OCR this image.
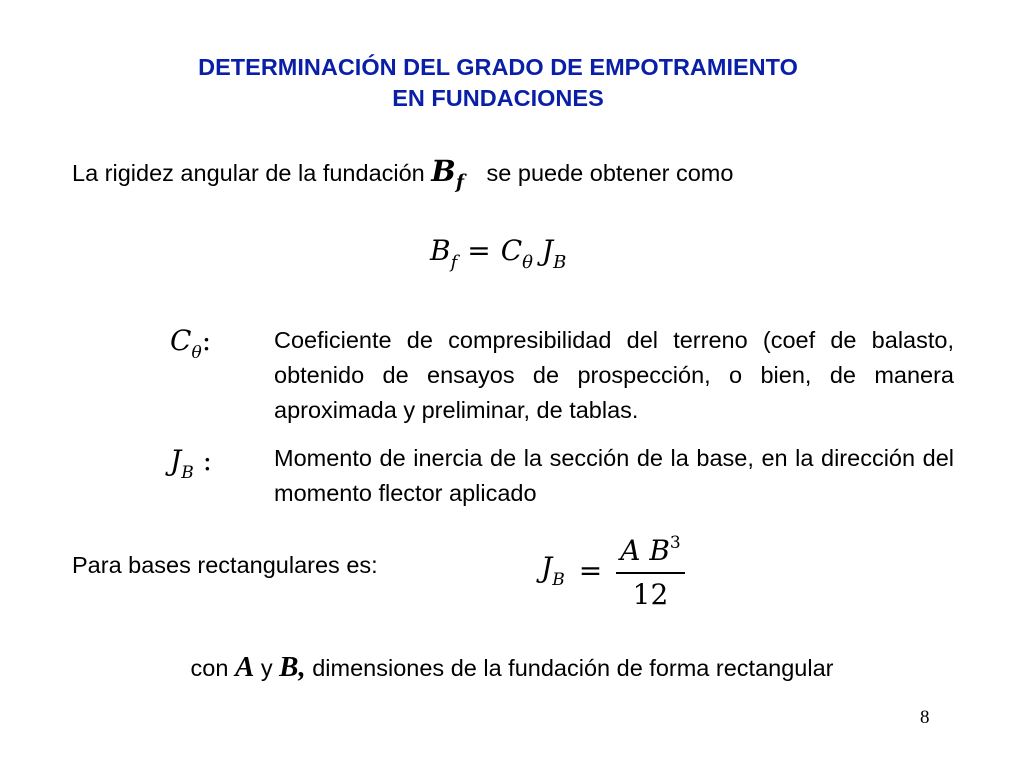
DETERMINACIÓN DEL GRADO DE EMPOTRAMIENTO
EN FUNDACIONES
La rigidez angular de la fundación $B_f$ se puede obtener como
$B_f = C_\theta$ $J_B$
$C_\theta$:	Coeficiente de compresibilidad del terreno (coef de balasto, obtenido de ensayos de prospección, o bien, de manera aproximada y preliminar, de tablas.
$J_B$ :	Momento de inercia de la sección de la base, en la dirección del momento flector aplicado
Para bases rectangulares es:	$J_B = \frac{A B^3}{12}$
con A y B, dimensiones de la fundación de forma rectangular
8
